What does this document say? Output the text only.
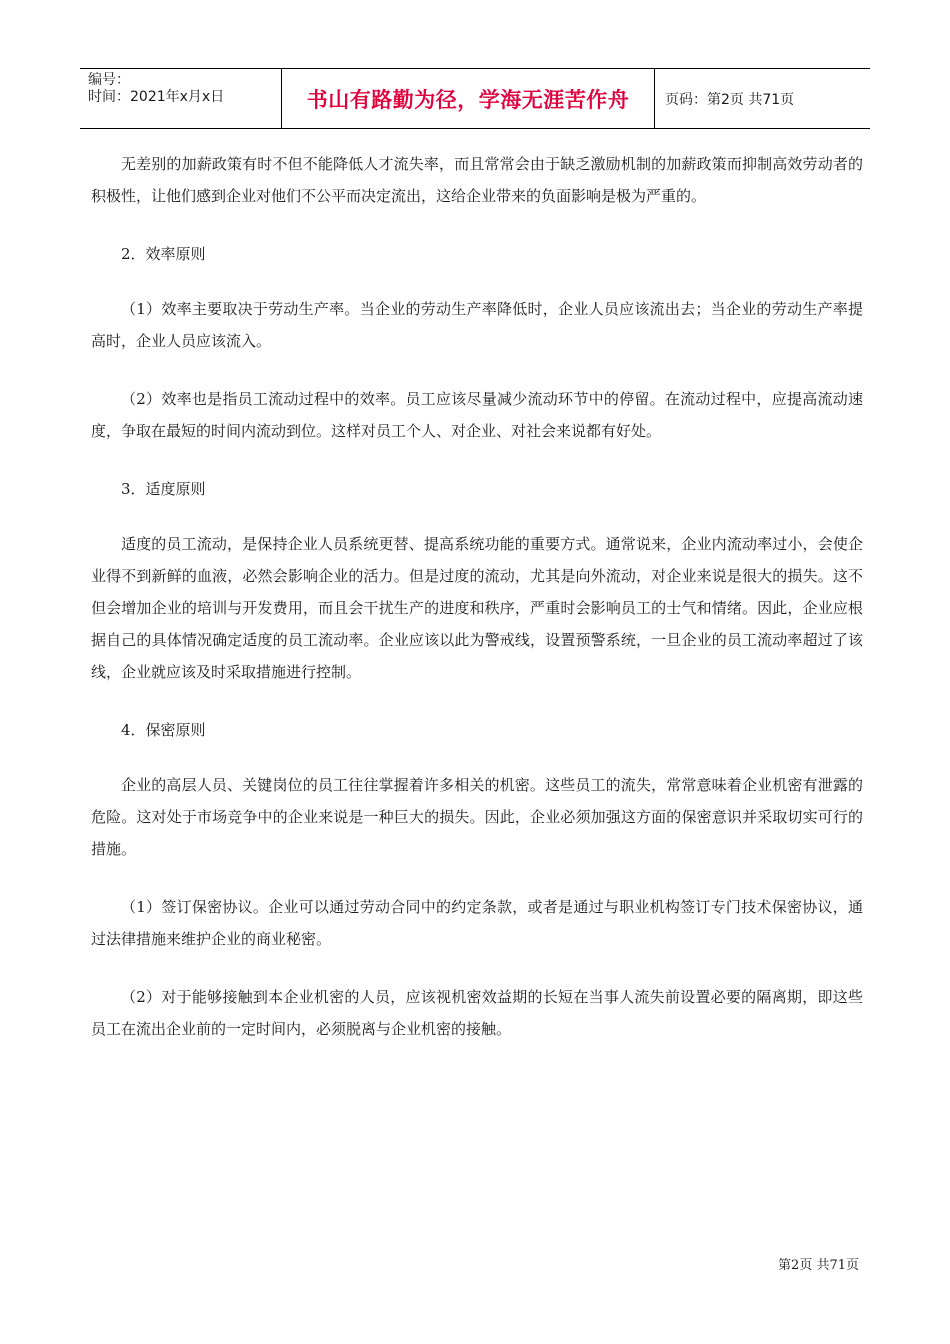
编号：
时间：2021年x月x日	书山有路勤为径，学海无涯苦作舟	页码：第2页 共71页

无差别的加薪政策有时不但不能降低人才流失率，而且常常会由于缺乏激励机制的加薪政策而抑制高效劳动者的积极性，让他们感到企业对他们不公平而决定流出，这给企业带来的负面影响是极为严重的。

2．效率原则

（1）效率主要取决于劳动生产率。当企业的劳动生产率降低时，企业人员应该流出去；当企业的劳动生产率提高时，企业人员应该流入。

（2）效率也是指员工流动过程中的效率。员工应该尽量减少流动环节中的停留。在流动过程中，应提高流动速度，争取在最短的时间内流动到位。这样对员工个人、对企业、对社会来说都有好处。

3．适度原则

适度的员工流动，是保持企业人员系统更替、提高系统功能的重要方式。通常说来，企业内流动率过小，会使企业得不到新鲜的血液，必然会影响企业的活力。但是过度的流动，尤其是向外流动，对企业来说是很大的损失。这不但会增加企业的培训与开发费用，而且会干扰生产的进度和秩序，严重时会影响员工的士气和情绪。因此，企业应根据自己的具体情况确定适度的员工流动率。企业应该以此为警戒线，设置预警系统，一旦企业的员工流动率超过了该线，企业就应该及时采取措施进行控制。

4．保密原则

企业的高层人员、关键岗位的员工往往掌握着许多相关的机密。这些员工的流失，常常意味着企业机密有泄露的危险。这对处于市场竞争中的企业来说是一种巨大的损失。因此，企业必须加强这方面的保密意识并采取切实可行的措施。

（1）签订保密协议。企业可以通过劳动合同中的约定条款，或者是通过与职业机构签订专门技术保密协议，通过法律措施来维护企业的商业秘密。

（2）对于能够接触到本企业机密的人员，应该视机密效益期的长短在当事人流失前设置必要的隔离期，即这些员工在流出企业前的一定时间内，必须脱离与企业机密的接触。

第2页 共71页
